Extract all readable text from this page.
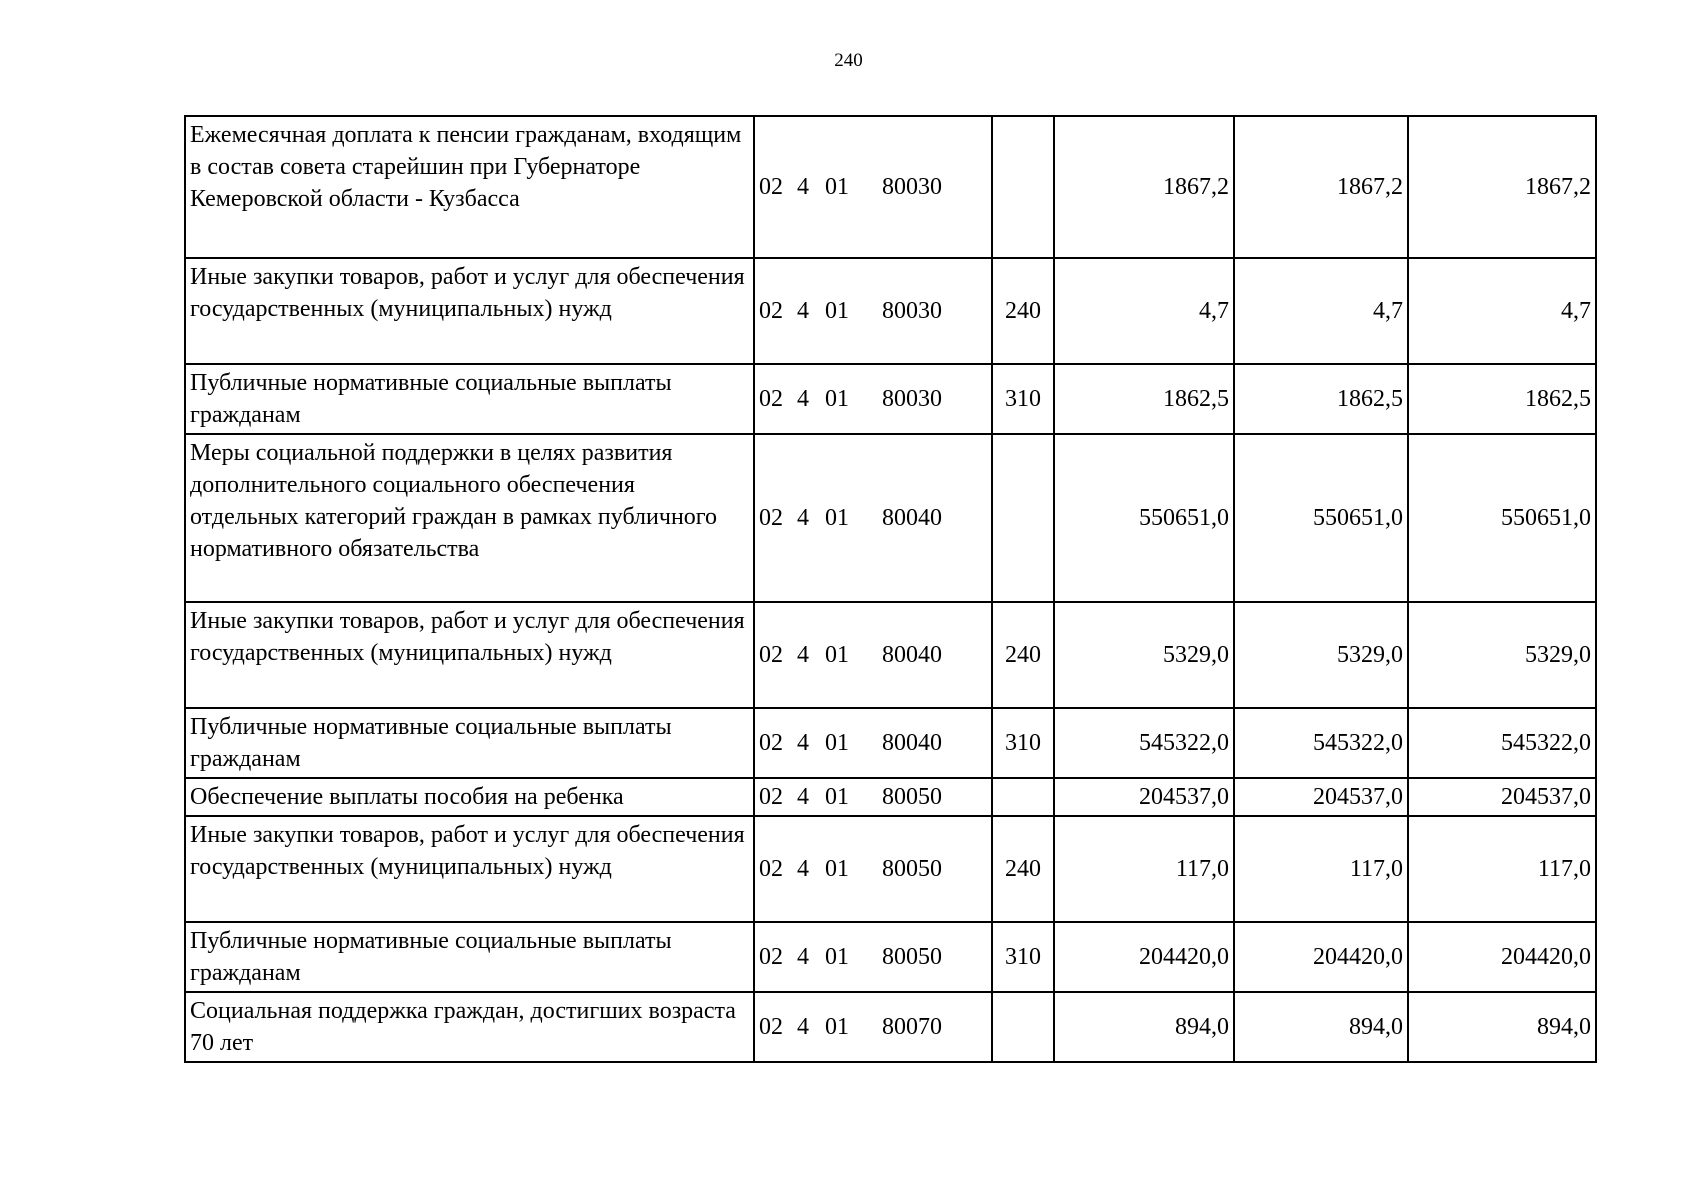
240
Ежемесячная доплата к пенсии гражданам, входящим в состав совета старейшин при Губернаторе Кемеровской области - Кузбасса	02 4 01 80030		1867,2	1867,2	1867,2
Иные закупки товаров, работ и услуг для обеспечения государственных (муниципальных) нужд	02 4 01 80030	240	4,7	4,7	4,7
Публичные нормативные социальные выплаты гражданам	02 4 01 80030	310	1862,5	1862,5	1862,5
Меры социальной поддержки в целях развития дополнительного социального обеспечения отдельных категорий граждан в рамках публичного нормативного обязательства	02 4 01 80040		550651,0	550651,0	550651,0
Иные закупки товаров, работ и услуг для обеспечения государственных (муниципальных) нужд	02 4 01 80040	240	5329,0	5329,0	5329,0
Публичные нормативные социальные выплаты гражданам	02 4 01 80040	310	545322,0	545322,0	545322,0
Обеспечение выплаты пособия на ребенка	02 4 01 80050		204537,0	204537,0	204537,0
Иные закупки товаров, работ и услуг для обеспечения государственных (муниципальных) нужд	02 4 01 80050	240	117,0	117,0	117,0
Публичные нормативные социальные выплаты гражданам	02 4 01 80050	310	204420,0	204420,0	204420,0
Социальная поддержка граждан, достигших возраста 70 лет	02 4 01 80070		894,0	894,0	894,0
